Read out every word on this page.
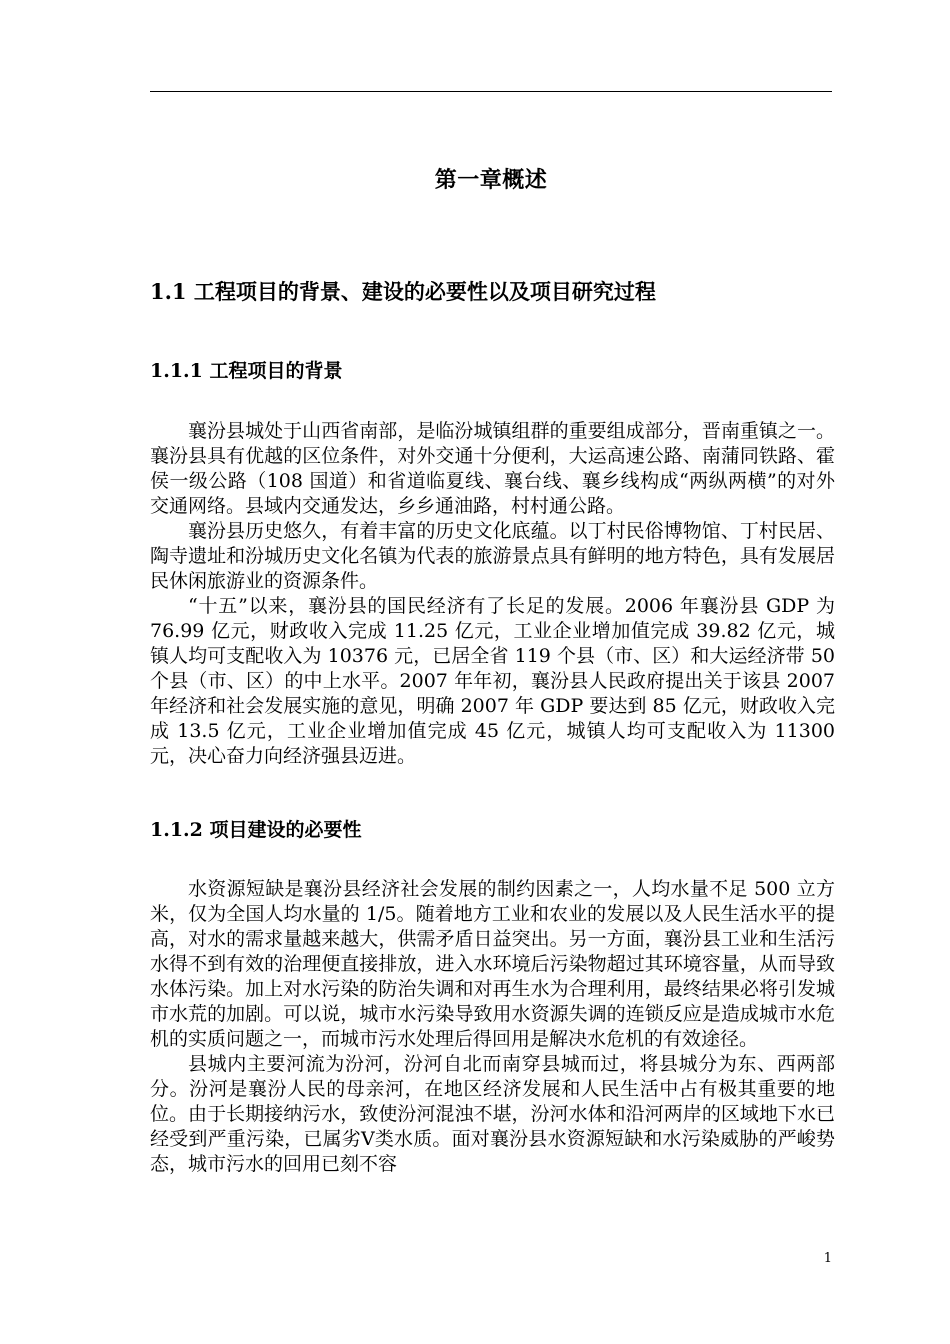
第一章概述
1.1 工程项目的背景、建设的必要性以及项目研究过程
1.1.1 工程项目的背景

襄汾县城处于山西省南部，是临汾城镇组群的重要组成部分，晋南重镇之一。襄汾县具有优越的区位条件，对外交通十分便利，大运高速公路、南蒲同铁路、霍侯一级公路（108 国道）和省道临夏线、襄台线、襄乡线构成“两纵两横”的对外交通网络。县域内交通发达，乡乡通油路，村村通公路。

襄汾县历史悠久，有着丰富的历史文化底蕴。以丁村民俗博物馆、丁村民居、陶寺遗址和汾城历史文化名镇为代表的旅游景点具有鲜明的地方特色，具有发展居民休闲旅游业的资源条件。

“十五”以来，襄汾县的国民经济有了长足的发展。2006 年襄汾县 GDP 为 76.99 亿元，财政收入完成 11.25 亿元，工业企业增加值完成 39.82 亿元，城镇人均可支配收入为 10376 元，已居全省 119 个县（市、区）和大运经济带 50 个县（市、区）的中上水平。2007 年年初，襄汾县人民政府提出关于该县 2007 年经济和社会发展实施的意见，明确 2007 年 GDP 要达到 85 亿元，财政收入完成 13.5 亿元，工业企业增加值完成 45 亿元，城镇人均可支配收入为 11300 元，决心奋力向经济强县迈进。

1.1.2 项目建设的必要性

水资源短缺是襄汾县经济社会发展的制约因素之一，人均水量不足 500 立方米，仅为全国人均水量的 1/5。随着地方工业和农业的发展以及人民生活水平的提高，对水的需求量越来越大，供需矛盾日益突出。另一方面，襄汾县工业和生活污水得不到有效的治理便直接排放，进入水环境后污染物超过其环境容量，从而导致水体污染。加上对水污染的防治失调和对再生水为合理利用，最终结果必将引发城市水荒的加剧。可以说，城市水污染导致用水资源失调的连锁反应是造成城市水危机的实质问题之一，而城市污水处理后得回用是解决水危机的有效途径。

县城内主要河流为汾河，汾河自北而南穿县城而过，将县城分为东、西两部分。汾河是襄汾人民的母亲河，在地区经济发展和人民生活中占有极其重要的地位。由于长期接纳污水，致使汾河混浊不堪，汾河水体和沿河两岸的区域地下水已经受到严重污染，已属劣Ⅴ类水质。面对襄汾县水资源短缺和水污染威胁的严峻势态，城市污水的回用已刻不容

1
